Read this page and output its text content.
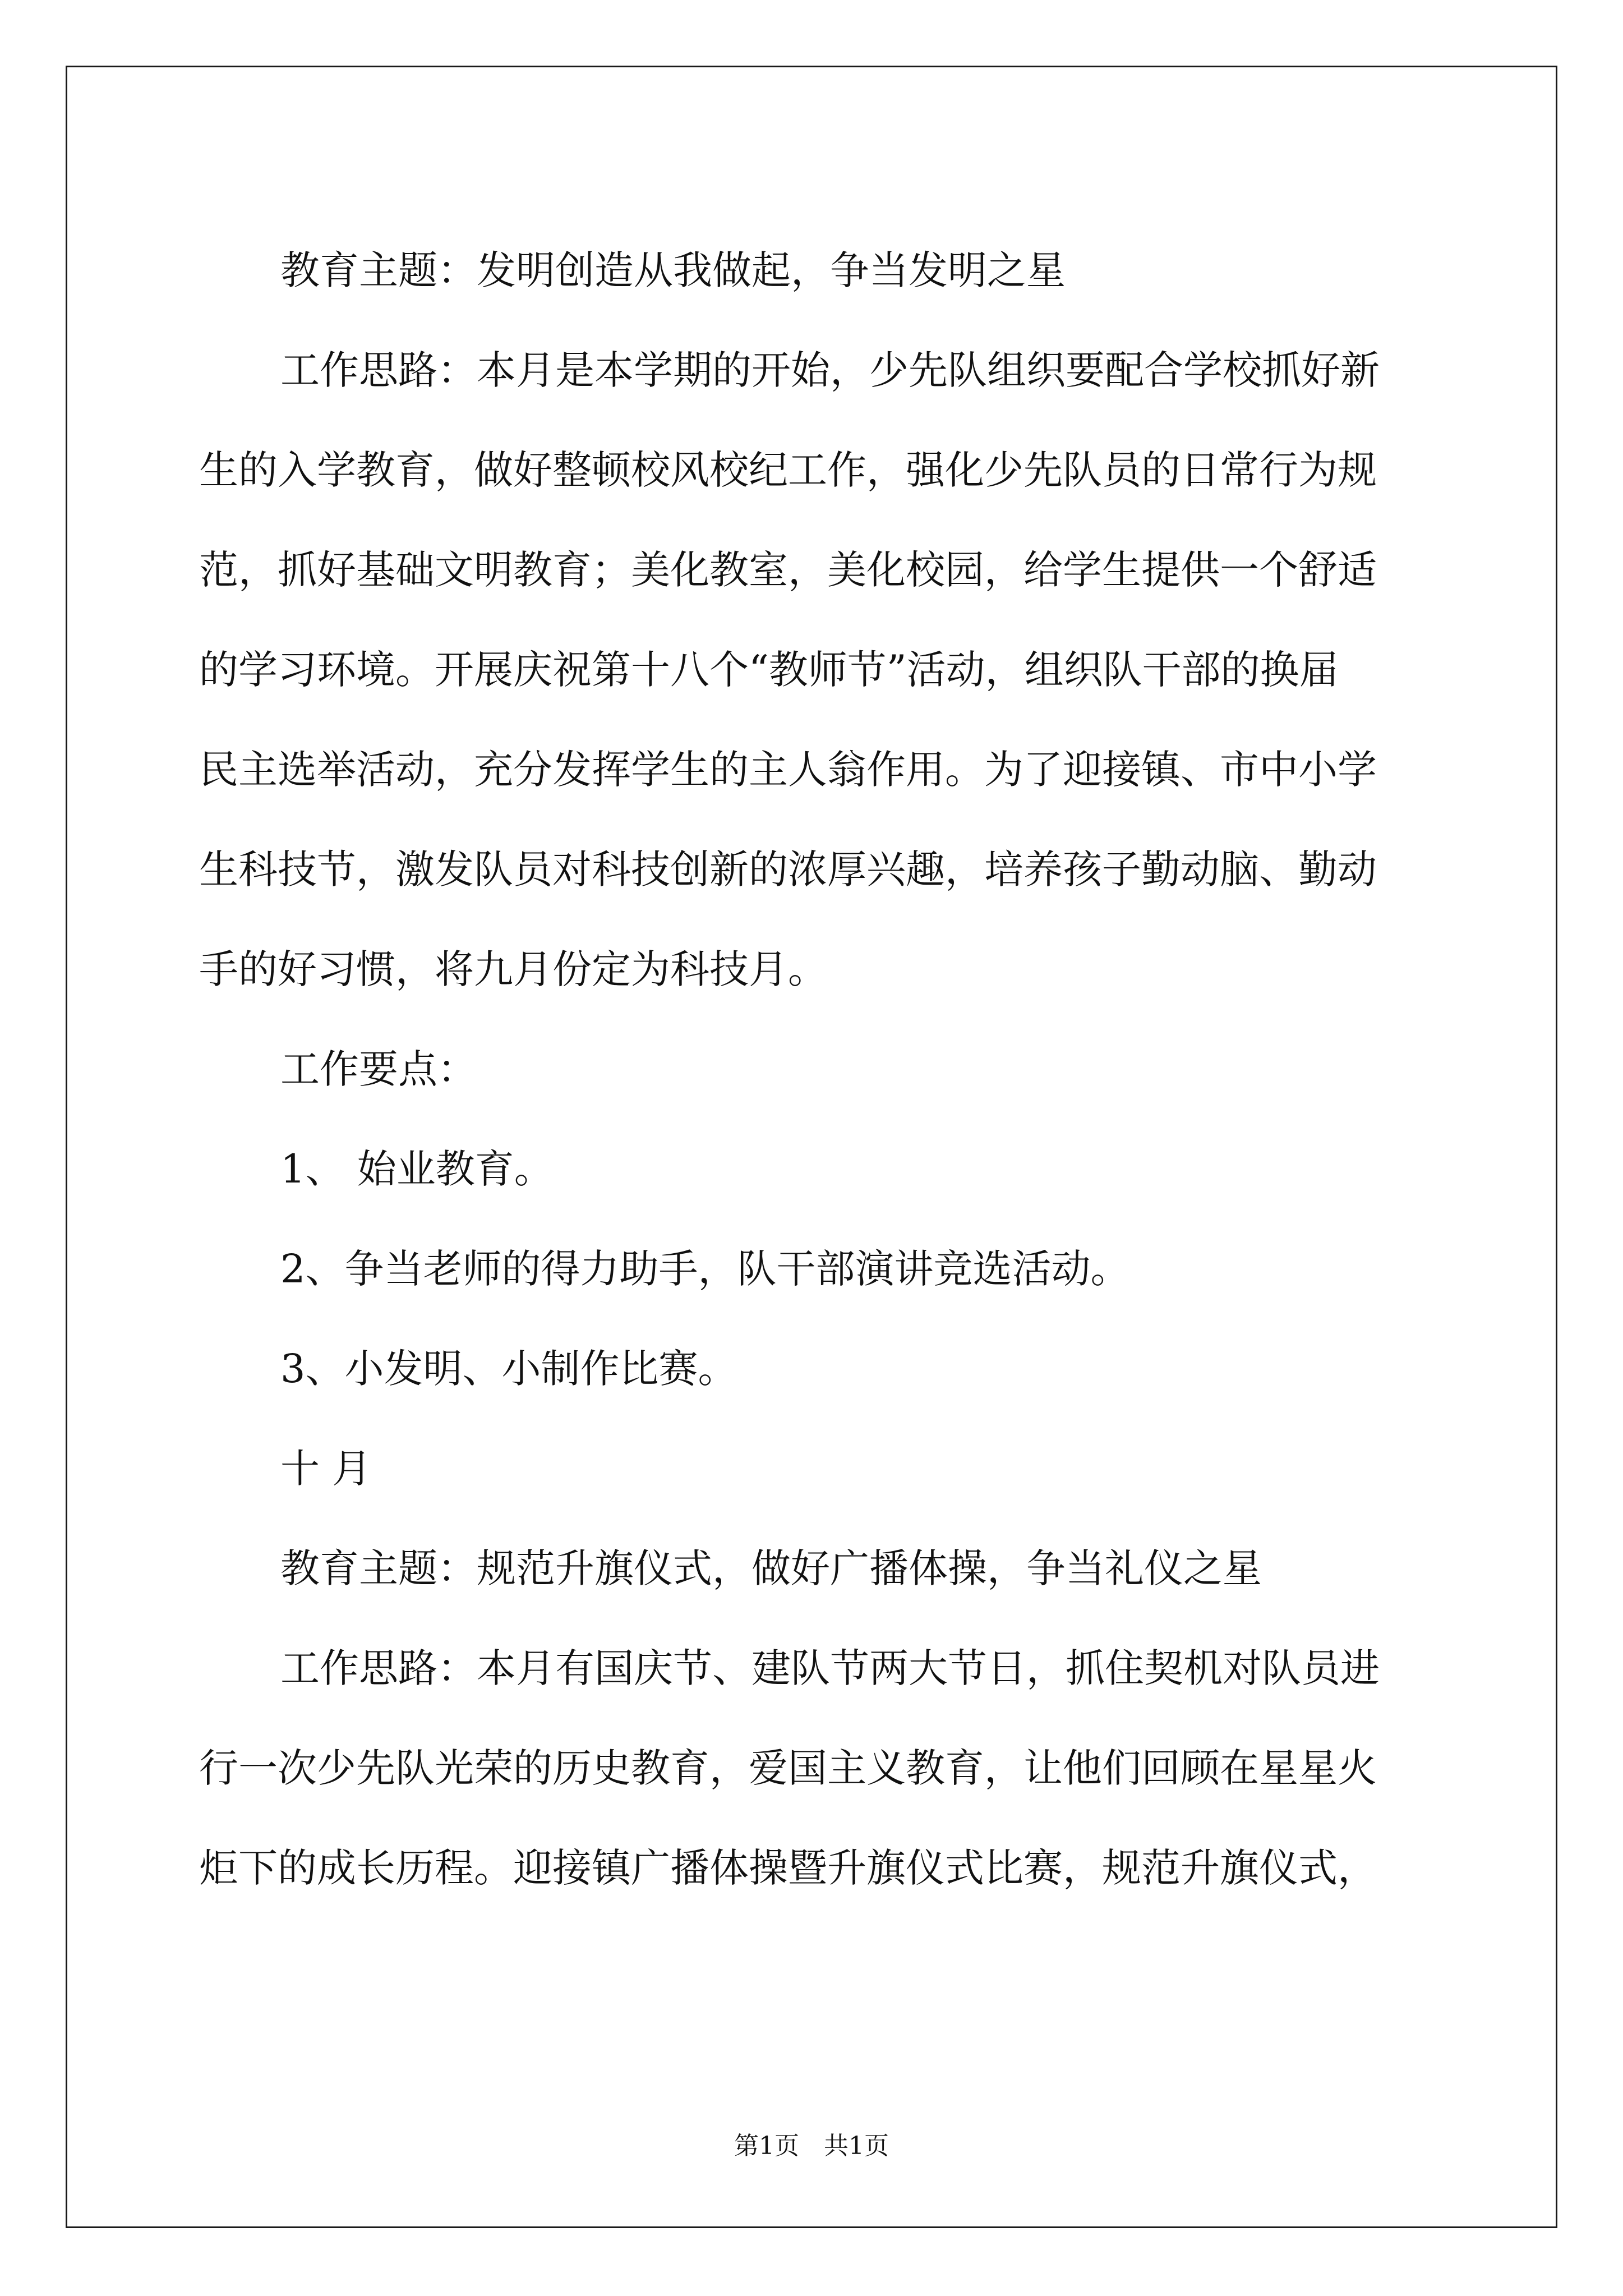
教育主题：发明创造从我做起，争当发明之星
工作思路：本月是本学期的开始，少先队组织要配合学校抓好新
生的入学教育，做好整顿校风校纪工作，强化少先队员的日常行为规
范，抓好基础文明教育；美化教室，美化校园，给学生提供一个舒适
的学习环境。开展庆祝第十八个“教师节”活动，组织队干部的换届
民主选举活动，充分发挥学生的主人翁作用。为了迎接镇、市中小学
生科技节，激发队员对科技创新的浓厚兴趣，培养孩子勤动脑、勤动
手的好习惯，将九月份定为科技月。
工作要点：
1、 始业教育。
2、争当老师的得力助手，队干部演讲竞选活动。
3、小发明、小制作比赛。
十 月
教育主题：规范升旗仪式，做好广播体操，争当礼仪之星
工作思路：本月有国庆节、建队节两大节日，抓住契机对队员进
行一次少先队光荣的历史教育，爱国主义教育，让他们回顾在星星火
炬下的成长历程。迎接镇广播体操暨升旗仪式比赛，规范升旗仪式，
第1页　共1页
